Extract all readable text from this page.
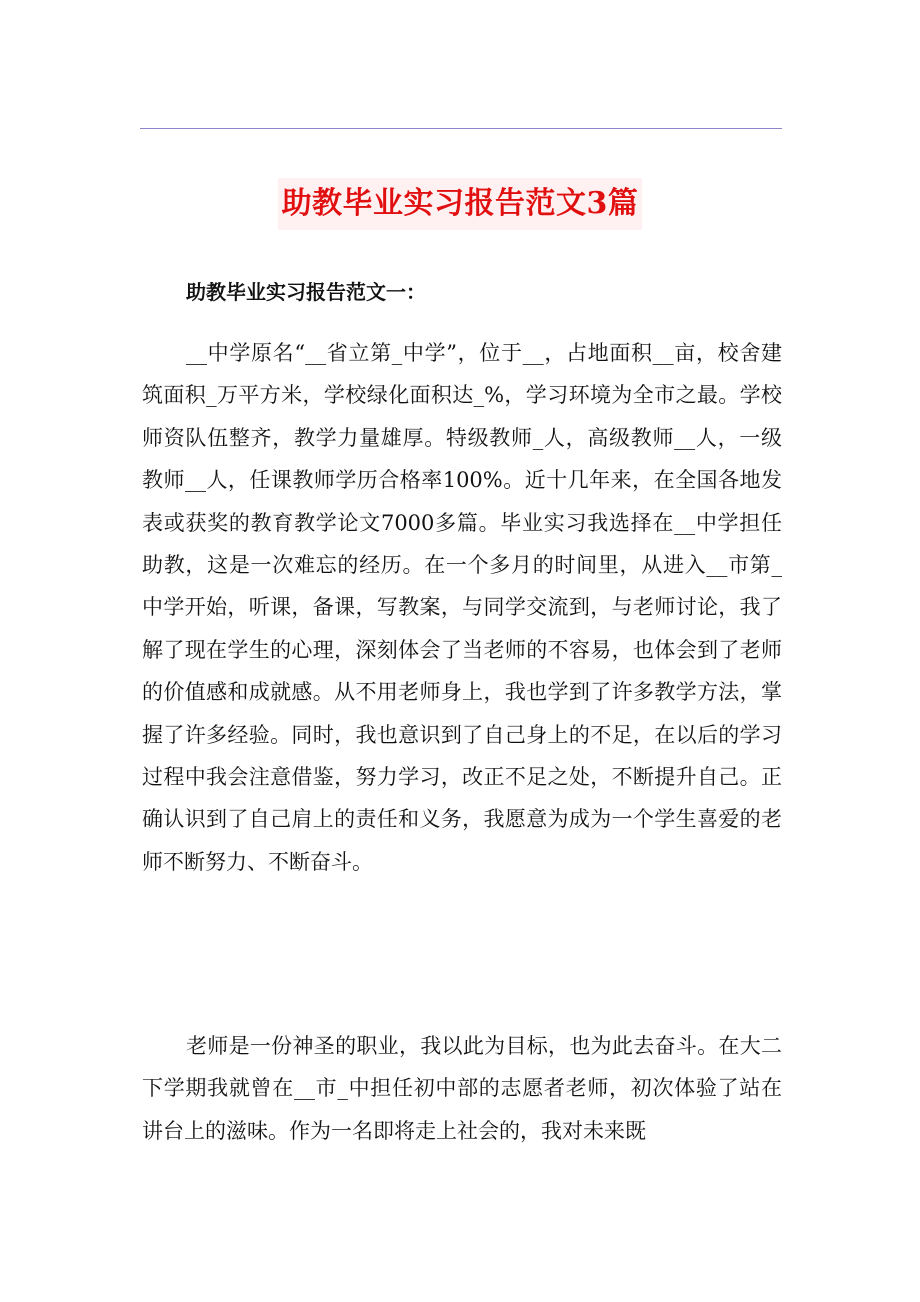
助教毕业实习报告范文3篇

助教毕业实习报告范文一：

__中学原名“__省立第_中学”，位于__，占地面积__亩，校舍建筑面积_万平方米，学校绿化面积达_%，学习环境为全市之最。学校师资队伍整齐，教学力量雄厚。特级教师_人，高级教师__人，一级教师__人，任课教师学历合格率100%。近十几年来，在全国各地发表或获奖的教育教学论文7000多篇。毕业实习我选择在__中学担任助教，这是一次难忘的经历。在一个多月的时间里，从进入__市第_中学开始，听课，备课，写教案，与同学交流到，与老师讨论，我了解了现在学生的心理，深刻体会了当老师的不容易，也体会到了老师的价值感和成就感。从不用老师身上，我也学到了许多教学方法，掌握了许多经验。同时，我也意识到了自己身上的不足，在以后的学习过程中我会注意借鉴，努力学习，改正不足之处，不断提升自己。正确认识到了自己肩上的责任和义务，我愿意为成为一个学生喜爱的老师不断努力、不断奋斗。

老师是一份神圣的职业，我以此为目标，也为此去奋斗。在大二下学期我就曾在__市_中担任初中部的志愿者老师，初次体验了站在讲台上的滋味。作为一名即将走上社会的，我对未来既
